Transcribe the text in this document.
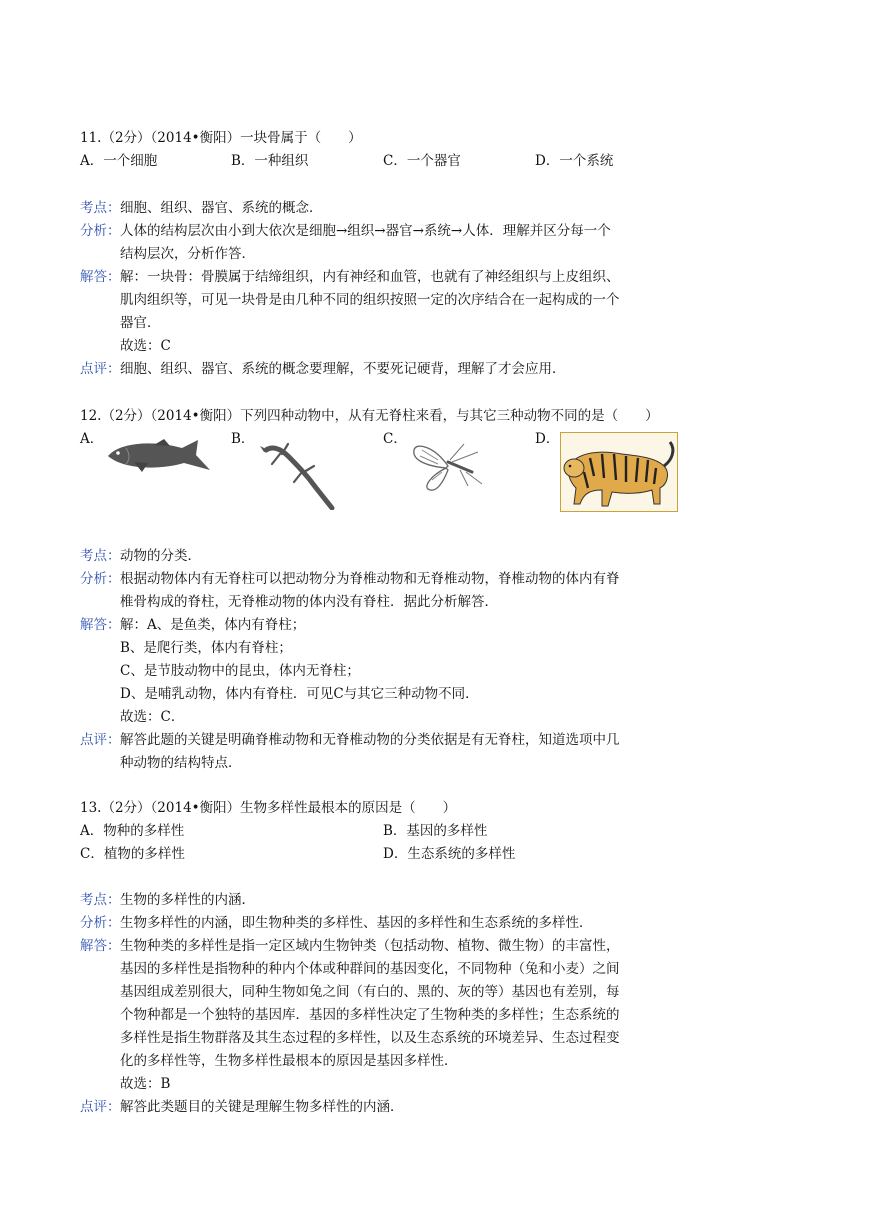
11.（2分）（2014•衡阳）一块骨属于（　　）
A．一个细胞	B．一种组织	C．一个器官	D．一个系统
考点： 细胞、组织、器官、系统的概念．
分析： 人体的结构层次由小到大依次是细胞→组织→器官→系统→人体．理解并区分每一个
结构层次，分析作答．
解答： 解：一块骨：骨膜属于结缔组织，内有神经和血管，也就有了神经组织与上皮组织、
肌肉组织等，可见一块骨是由几种不同的组织按照一定的次序结合在一起构成的一个
器官．
故选：C
点评： 细胞、组织、器官、系统的概念要理解，不要死记硬背，理解了才会应用．
12.（2分）（2014•衡阳）下列四种动物中，从有无脊柱来看，与其它三种动物不同的是（　　）
A．	B．	C．	D．
考点： 动物的分类．
分析： 根据动物体内有无脊柱可以把动物分为脊椎动物和无脊椎动物，脊椎动物的体内有脊
椎骨构成的脊柱，无脊椎动物的体内没有脊柱．据此分析解答．
解答： 解：A、是鱼类，体内有脊柱；
B、是爬行类，体内有脊柱；
C、是节肢动物中的昆虫，体内无脊柱；
D、是哺乳动物，体内有脊柱．可见C与其它三种动物不同．
故选：C．
点评： 解答此题的关键是明确脊椎动物和无脊椎动物的分类依据是有无脊柱，知道选项中几
种动物的结构特点．
13.（2分）（2014•衡阳）生物多样性最根本的原因是（　　）
A．物种的多样性	B．基因的多样性
C．植物的多样性	D．生态系统的多样性
考点： 生物的多样性的内涵．
分析： 生物多样性的内涵，即生物种类的多样性、基因的多样性和生态系统的多样性．
解答： 生物种类的多样性是指一定区域内生物钟类（包括动物、植物、微生物）的丰富性，
基因的多样性是指物种的种内个体或种群间的基因变化，不同物种（兔和小麦）之间
基因组成差别很大，同种生物如兔之间（有白的、黑的、灰的等）基因也有差别，每
个物种都是一个独特的基因库．基因的多样性决定了生物种类的多样性；生态系统的
多样性是指生物群落及其生态过程的多样性，以及生态系统的环境差异、生态过程变
化的多样性等，生物多样性最根本的原因是基因多样性．
故选：B
点评： 解答此类题目的关键是理解生物多样性的内涵．
